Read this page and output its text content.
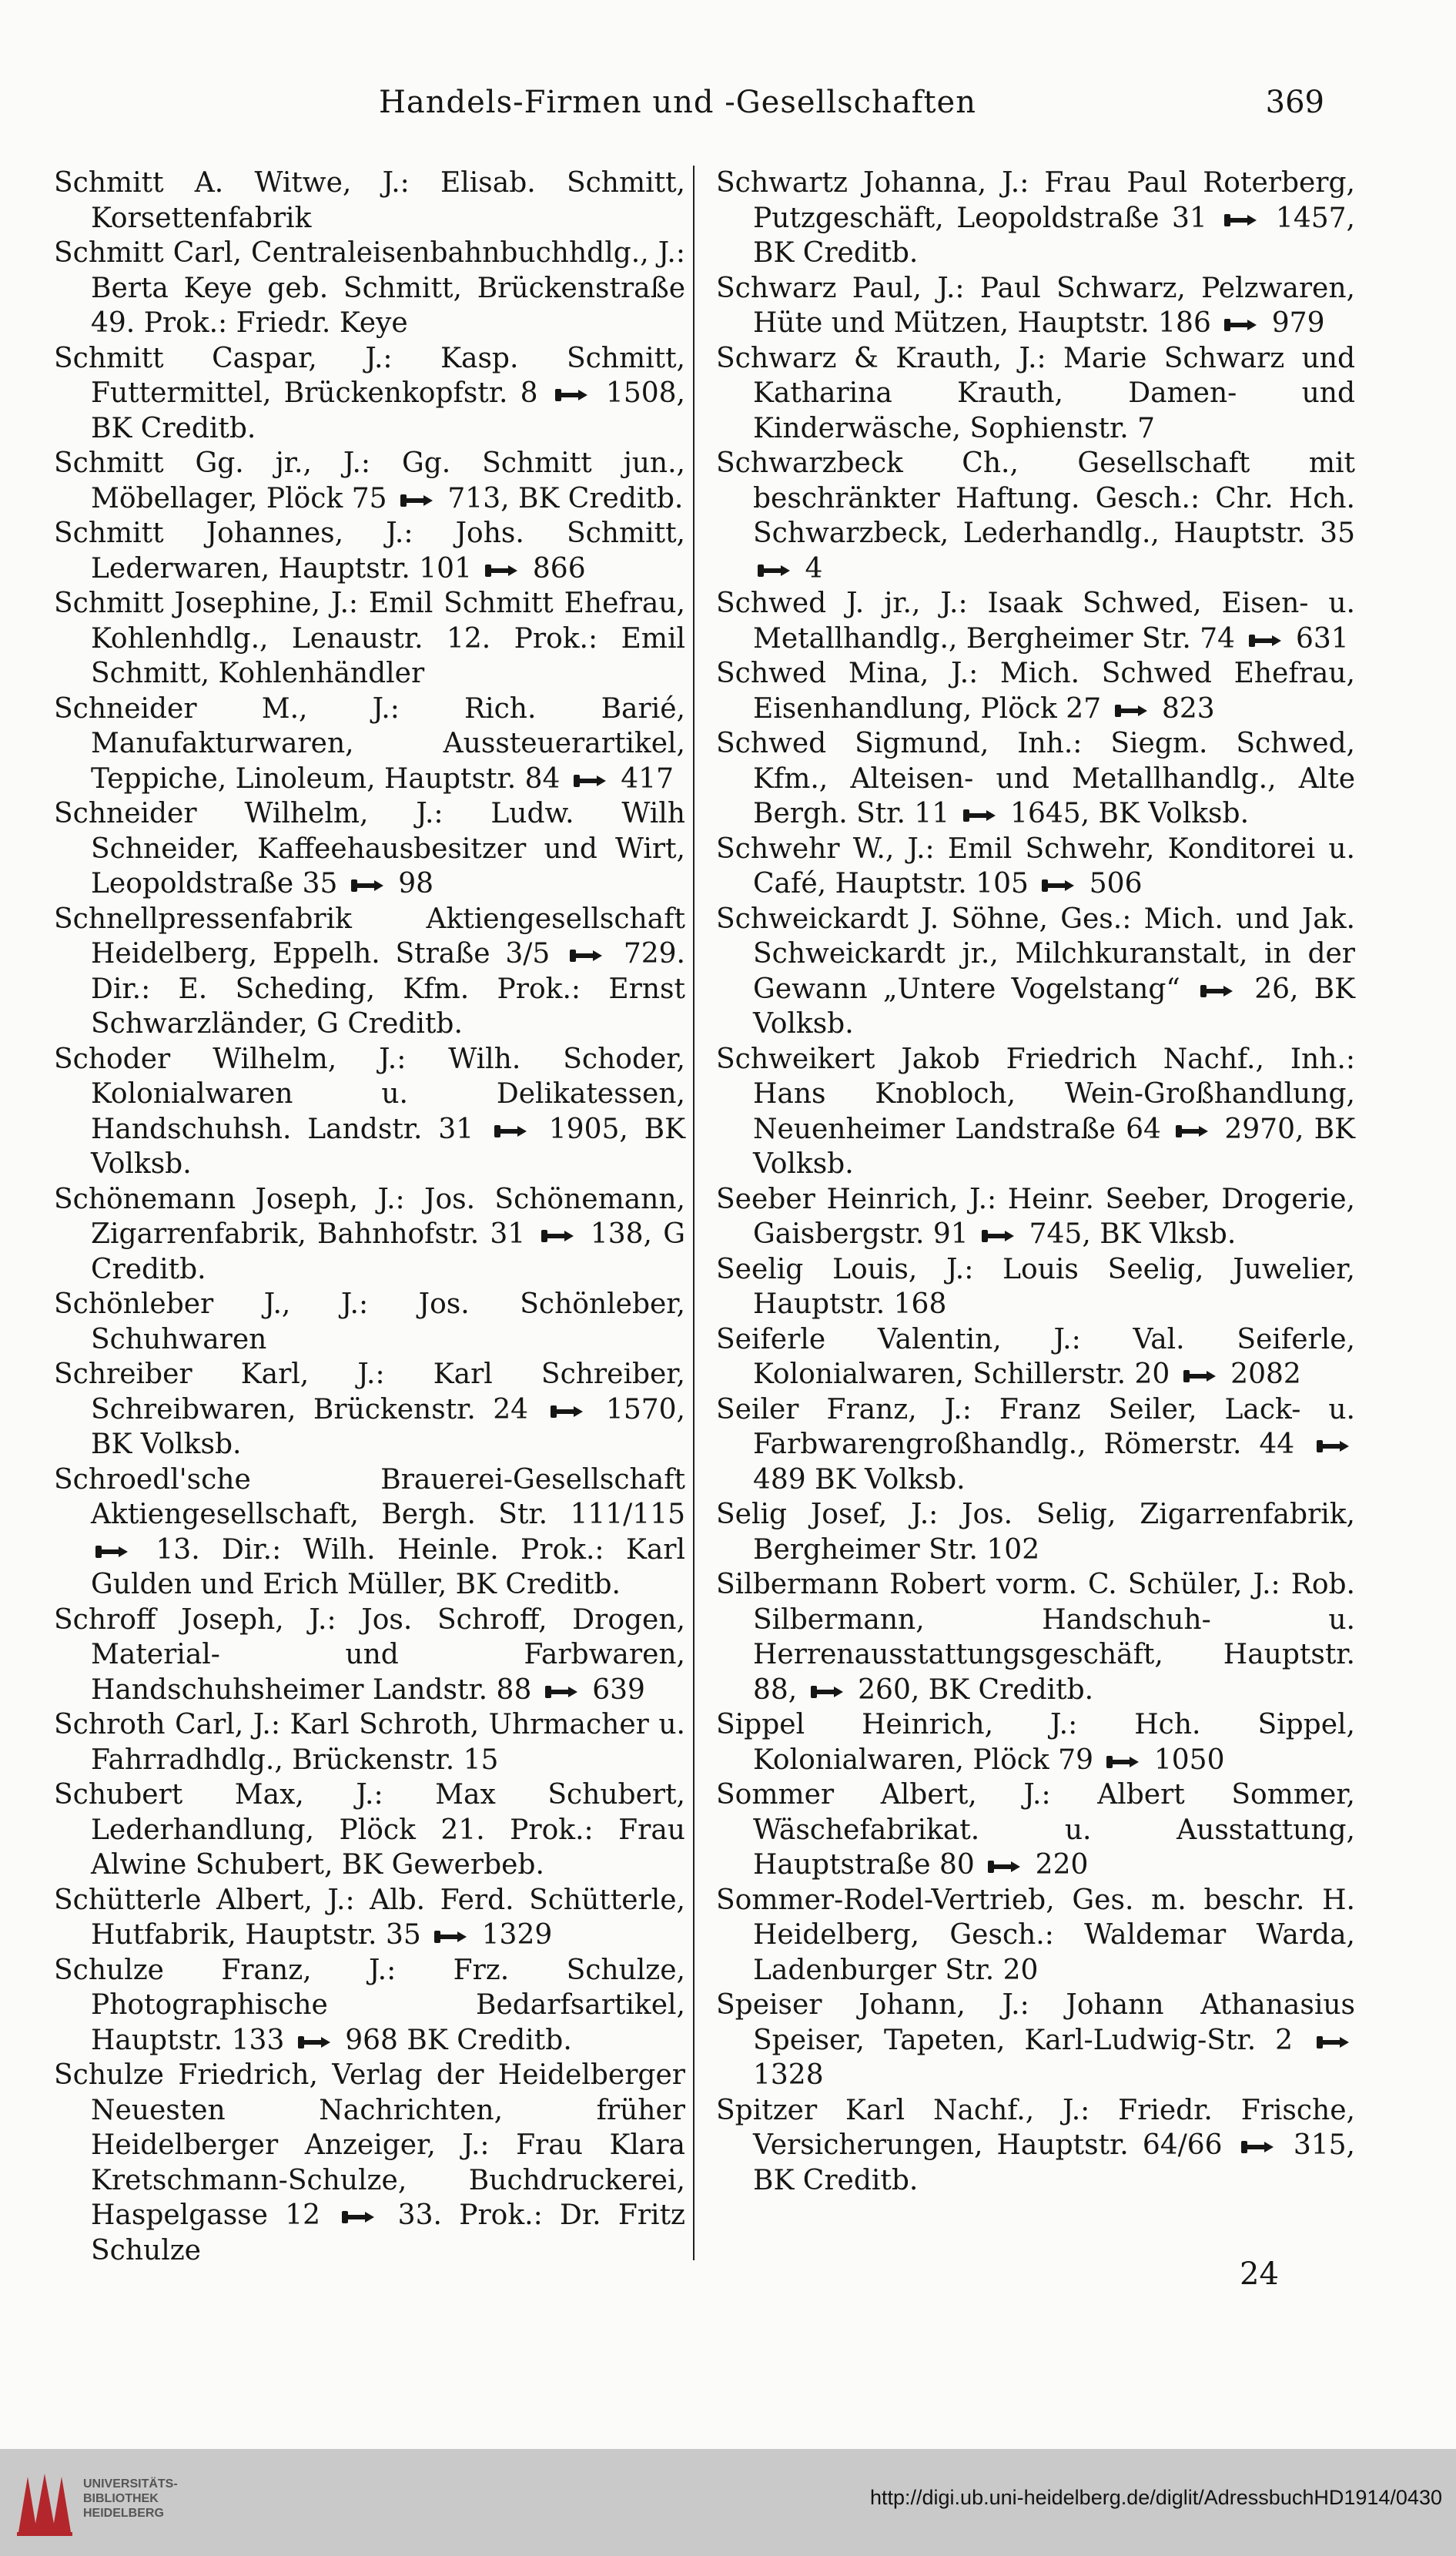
Handels-Firmen und -Gesellschaften	369
Schmitt A. Witwe, J.: Elisab. Schmitt, Korsettenfabrik
Schmitt Carl, Centraleisenbahnbuchhdlg., J.: Berta Keye geb. Schmitt, Brückenstraße 49. Prok.: Friedr. Keye
Schmitt Caspar, J.: Kasp. Schmitt, Futtermittel, Brückenkopfstr. 8
1508, BK Creditb.
Schmitt Gg. jr., J.: Gg. Schmitt jun., Möbellager, Plöck 75
713, BK Creditb.
Schmitt Johannes, J.: Johs. Schmitt, Lederwaren, Hauptstr. 101
866
Schmitt Josephine, J.: Emil Schmitt Ehefrau, Kohlenhdlg., Lenaustr. 12. Prok.: Emil Schmitt, Kohlenhändler
Schneider M., J.: Rich. Barié, Manufakturwaren, Aussteuerartikel, Teppiche, Linoleum, Hauptstr. 84
417
Schneider Wilhelm, J.: Ludw. Wilh Schneider, Kaffeehausbesitzer und Wirt, Leopoldstraße 35
98
Schnellpressenfabrik Aktiengesellschaft Heidelberg, Eppelh. Straße 3/5
729. Dir.: E. Scheding, Kfm. Prok.: Ernst Schwarzländer, G Creditb.
Schoder Wilhelm, J.: Wilh. Schoder, Kolonialwaren u. Delikatessen, Handschuhsh. Landstr. 31
1905, BK Volksb.
Schönemann Joseph, J.: Jos. Schönemann, Zigarrenfabrik, Bahnhofstr. 31
138, G Creditb.
Schönleber J., J.: Jos. Schönleber, Schuhwaren
Schreiber Karl, J.: Karl Schreiber, Schreibwaren, Brückenstr. 24
1570, BK Volksb.
Schroedl'sche Brauerei-Gesellschaft Aktiengesellschaft, Bergh. Str. 111/115
13. Dir.: Wilh. Heinle. Prok.: Karl Gulden und Erich Müller, BK Creditb.
Schroff Joseph, J.: Jos. Schroff, Drogen, Material- und Farbwaren, Handschuhsheimer Landstr. 88
639
Schroth Carl, J.: Karl Schroth, Uhrmacher u. Fahrradhdlg., Brückenstr. 15
Schubert Max, J.: Max Schubert, Lederhandlung, Plöck 21. Prok.: Frau Alwine Schubert, BK Gewerbeb.
Schütterle Albert, J.: Alb. Ferd. Schütterle, Hutfabrik, Hauptstr. 35
1329
Schulze Franz, J.: Frz. Schulze, Photographische Bedarfsartikel, Hauptstr. 133
968 BK Creditb.
Schulze Friedrich, Verlag der Heidelberger Neuesten Nachrichten, früher Heidelberger Anzeiger, J.: Frau Klara Kretschmann-Schulze, Buchdruckerei, Haspelgasse 12
33. Prok.: Dr. Fritz Schulze
Schwartz Johanna, J.: Frau Paul Roterberg, Putzgeschäft, Leopoldstraße 31
1457, BK Creditb.
Schwarz Paul, J.: Paul Schwarz, Pelzwaren, Hüte und Mützen, Hauptstr. 186
979
Schwarz & Krauth, J.: Marie Schwarz und Katharina Krauth, Damen- und Kinderwäsche, Sophienstr. 7
Schwarzbeck Ch., Gesellschaft mit beschränkter Haftung. Gesch.: Chr. Hch. Schwarzbeck, Lederhandlg., Hauptstr. 35
4
Schwed J. jr., J.: Isaak Schwed, Eisen- u. Metallhandlg., Bergheimer Str. 74
631
Schwed Mina, J.: Mich. Schwed Ehefrau, Eisenhandlung, Plöck 27
823
Schwed Sigmund, Inh.: Siegm. Schwed, Kfm., Alteisen- und Metallhandlg., Alte Bergh. Str. 11
1645, BK Volksb.
Schwehr W., J.: Emil Schwehr, Konditorei u. Café, Hauptstr. 105
506
Schweickardt J. Söhne, Ges.: Mich. und Jak. Schweickardt jr., Milchkuranstalt, in der Gewann „Untere Vogelstang“
26, BK Volksb.
Schweikert Jakob Friedrich Nachf., Inh.: Hans Knobloch, Wein-Großhandlung, Neuenheimer Landstraße 64
2970, BK Volksb.
Seeber Heinrich, J.: Heinr. Seeber, Drogerie, Gaisbergstr. 91
745, BK Vlksb.
Seelig Louis, J.: Louis Seelig, Juwelier, Hauptstr. 168
Seiferle Valentin, J.: Val. Seiferle, Kolonialwaren, Schillerstr. 20
2082
Seiler Franz, J.: Franz Seiler, Lack- u. Farbwarengroßhandlg., Römerstr. 44
489 BK Volksb.
Selig Josef, J.: Jos. Selig, Zigarrenfabrik, Bergheimer Str. 102
Silbermann Robert vorm. C. Schüler, J.: Rob. Silbermann, Handschuh- u. Herrenausstattungsgeschäft, Hauptstr. 88,
260, BK Creditb.
Sippel Heinrich, J.: Hch. Sippel, Kolonialwaren, Plöck 79
1050
Sommer Albert, J.: Albert Sommer, Wäschefabrikat. u. Ausstattung, Hauptstraße 80
220
Sommer-Rodel-Vertrieb, Ges. m. beschr. H. Heidelberg, Gesch.: Waldemar Warda, Ladenburger Str. 20
Speiser Johann, J.: Johann Athanasius Speiser, Tapeten, Karl-Ludwig-Str. 2
1328
Spitzer Karl Nachf., J.: Friedr. Frische, Versicherungen, Hauptstr. 64/66
315, BK Creditb.
24
UNIVERSITÄTS-
BIBLIOTHEK
HEIDELBERG
http://digi.ub.uni-heidelberg.de/diglit/AdressbuchHD1914/0430
